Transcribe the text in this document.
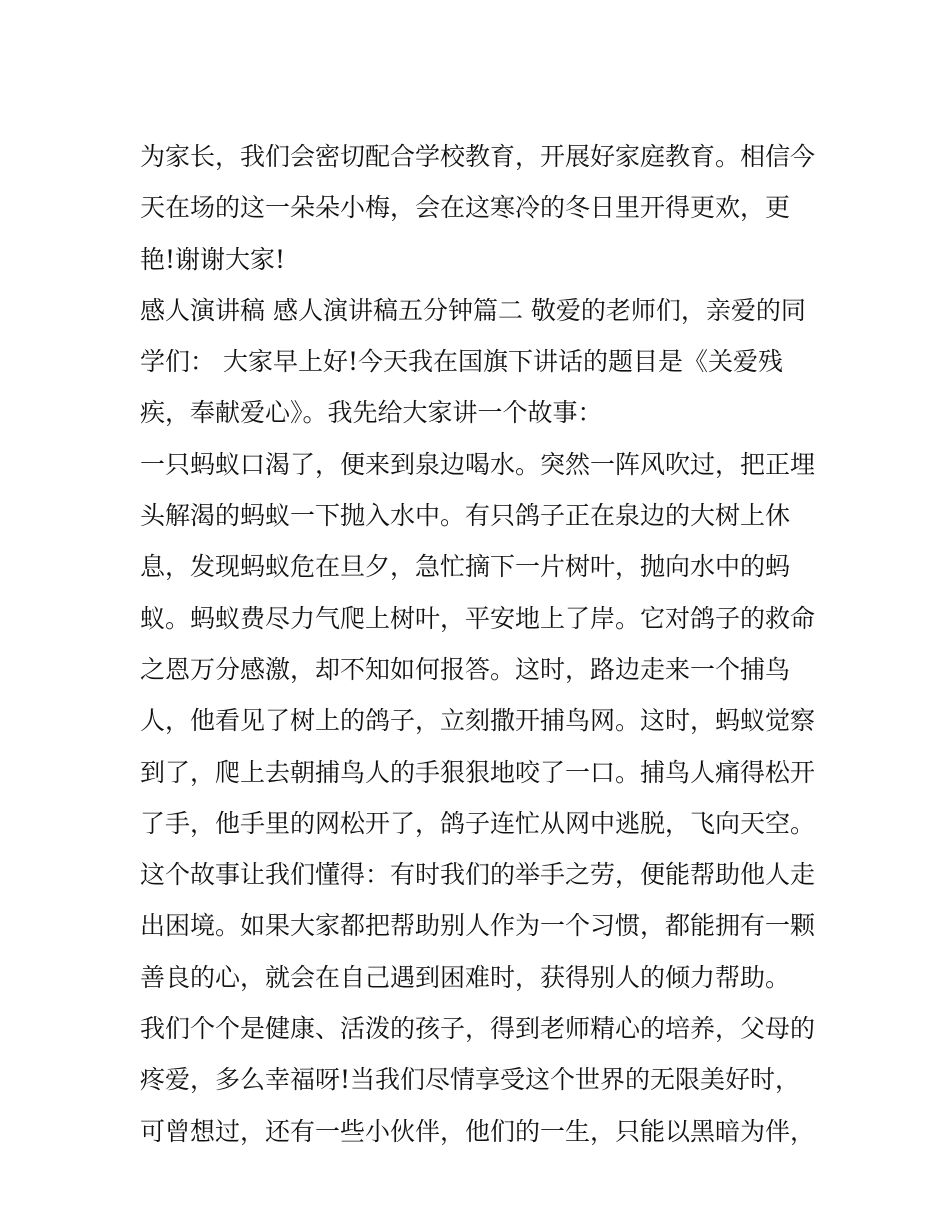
为家长，我们会密切配合学校教育，开展好家庭教育。相信今
天在场的这一朵朵小梅，会在这寒冷的冬日里开得更欢，更
艳!谢谢大家!
感人演讲稿 感人演讲稿五分钟篇二 敬爱的老师们，亲爱的同
学们： 大家早上好!今天我在国旗下讲话的题目是《关爱残
疾，奉献爱心》。我先给大家讲一个故事：
一只蚂蚁口渴了，便来到泉边喝水。突然一阵风吹过，把正埋
头解渴的蚂蚁一下抛入水中。有只鸽子正在泉边的大树上休
息，发现蚂蚁危在旦夕，急忙摘下一片树叶，抛向水中的蚂
蚁。蚂蚁费尽力气爬上树叶，平安地上了岸。它对鸽子的救命
之恩万分感激，却不知如何报答。这时，路边走来一个捕鸟
人，他看见了树上的鸽子，立刻撒开捕鸟网。这时，蚂蚁觉察
到了，爬上去朝捕鸟人的手狠狠地咬了一口。捕鸟人痛得松开
了手，他手里的网松开了，鸽子连忙从网中逃脱，飞向天空。
这个故事让我们懂得：有时我们的举手之劳，便能帮助他人走
出困境。如果大家都把帮助别人作为一个习惯，都能拥有一颗
善良的心，就会在自己遇到困难时，获得别人的倾力帮助。
我们个个是健康、活泼的孩子，得到老师精心的培养，父母的
疼爱，多么幸福呀!当我们尽情享受这个世界的无限美好时，
可曾想过，还有一些小伙伴，他们的一生，只能以黑暗为伴，
